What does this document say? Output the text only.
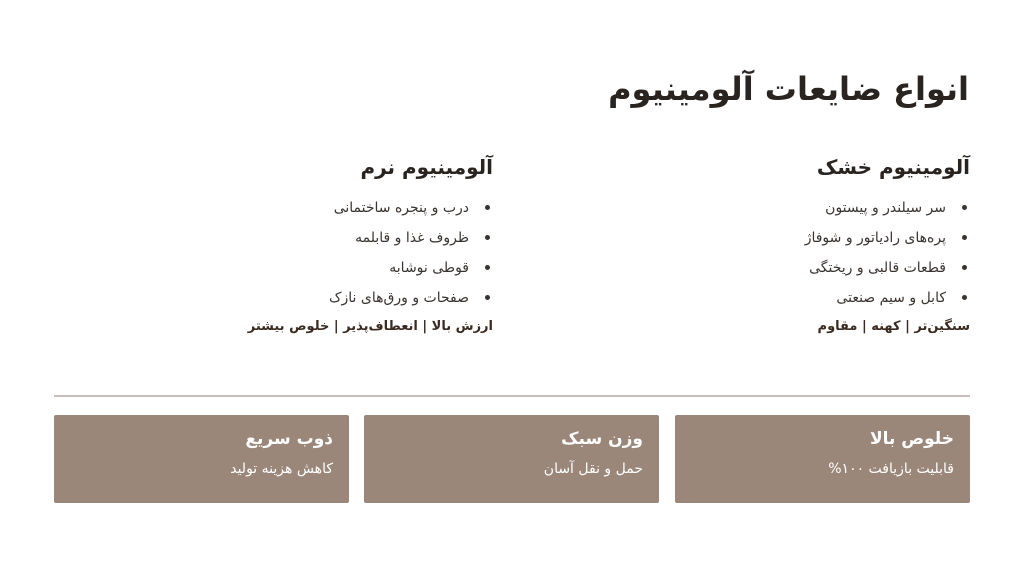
انواع ضایعات آلومینیوم
آلومینیوم خشک
سر سیلندر و پیستون
پره‌های رادیاتور و شوفاژ
قطعات قالبی و ریختگی
کابل و سیم صنعتی
سنگین‌تر | کهنه | مقاوم
آلومینیوم نرم
درب و پنجره ساختمانی
ظروف غذا و قابلمه
قوطی نوشابه
صفحات و ورق‌های نازک
ارزش بالا | انعطاف‌پذیر | خلوص بیشتر
خلوص بالا

قابلیت بازیافت ۱۰۰%

وزن سبک

حمل و نقل آسان

ذوب سریع

کاهش هزینه تولید
